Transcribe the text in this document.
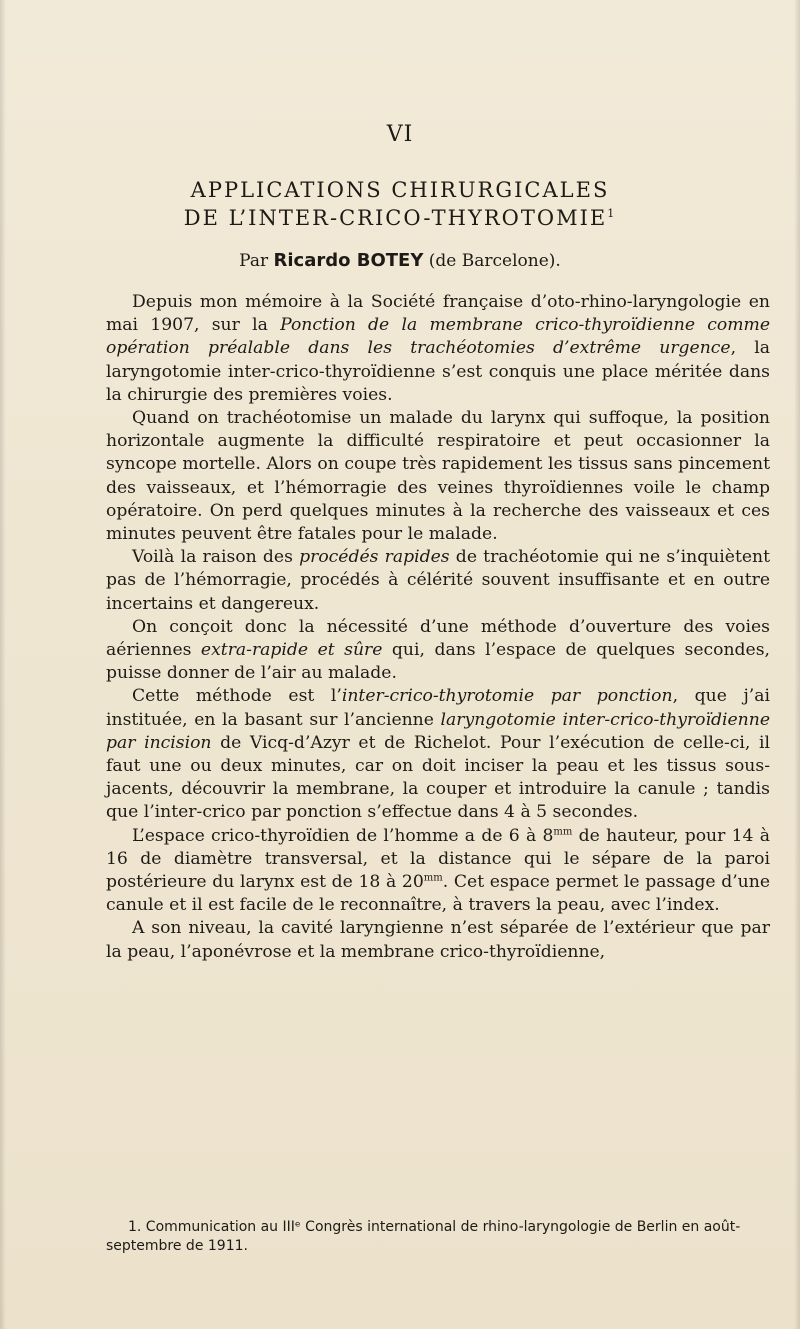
VI
APPLICATIONS CHIRURGICALES
DE L’INTER-CRICO-THYROTOMIE$^1$
Par Ricardo BOTEY (de Barcelone).

Depuis mon mémoire à la Société française d’oto-rhino-laryngologie en mai 1907, sur la Ponction de la membrane crico-thyroïdienne comme opération préalable dans les trachéotomies d’extrême urgence, la laryngotomie inter-crico-thyroïdienne s’est conquis une place méritée dans la chirurgie des premières voies.

Quand on trachéotomise un malade du larynx qui suffoque, la position horizontale augmente la difficulté respiratoire et peut occasionner la syncope mortelle. Alors on coupe très rapidement les tissus sans pincement des vaisseaux, et l’hémorragie des veines thyroïdiennes voile le champ opératoire. On perd quelques minutes à la recherche des vaisseaux et ces minutes peuvent être fatales pour le malade.

Voilà la raison des procédés rapides de trachéotomie qui ne s’inquiètent pas de l’hémorragie, procédés à célérité souvent insuffisante et en outre incertains et dangereux.

On conçoit donc la nécessité d’une méthode d’ouverture des voies aériennes extra-rapide et sûre qui, dans l’espace de quelques secondes, puisse donner de l’air au malade.

Cette méthode est l’inter-crico-thyrotomie par ponction, que j’ai instituée, en la basant sur l’ancienne laryngotomie inter-crico-thyroïdienne par incision de Vicq-d’Azyr et de Richelot. Pour l’exécution de celle-ci, il faut une ou deux minutes, car on doit inciser la peau et les tissus sous-jacents, découvrir la membrane, la couper et introduire la canule ; tandis que l’inter-crico par ponction s’effectue dans 4 à 5 secondes.

L’espace crico-thyroïdien de l’homme a de 6 à $8^{mm}$ de hauteur, pour 14 à 16 de diamètre transversal, et la distance qui le sépare de la paroi postérieure du larynx est de 18 à $20^{mm}$. Cet espace permet le passage d’une canule et il est facile de le reconnaître, à travers la peau, avec l’index.

A son niveau, la cavité laryngienne n’est séparée de l’extérieur que par la peau, l’aponévrose et la membrane crico-thyroïdienne,

1. Communication au IIIᵉ Congrès international de rhino-laryngologie de Berlin en août-septembre de 1911.
